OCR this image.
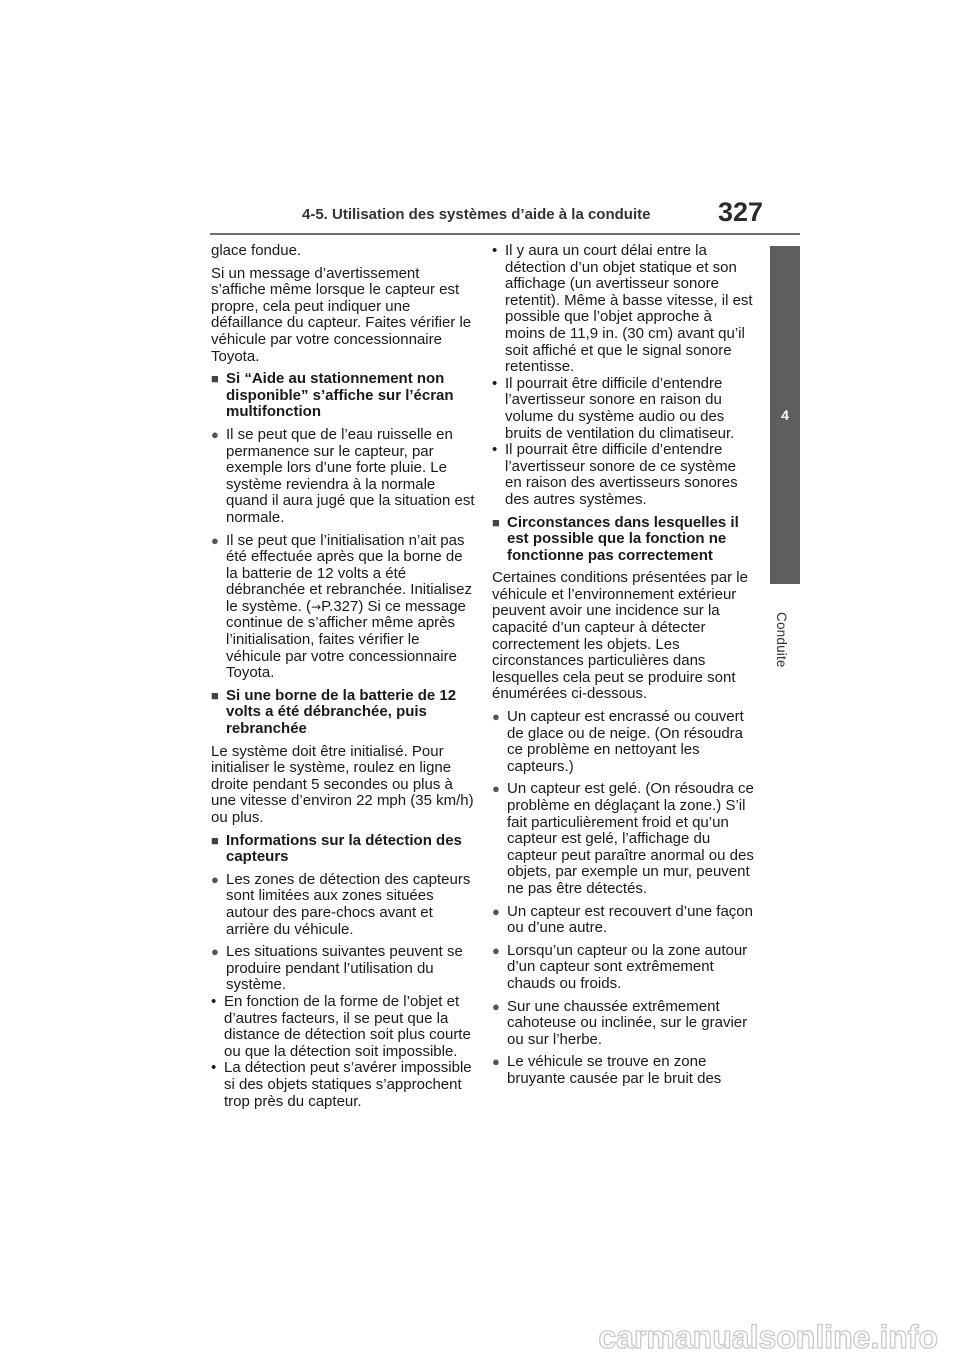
4-5. Utilisation des systèmes d’aide à la conduite	327
4
Conduite

glace fondue.

Si un message d’avertissement s’affiche même lorsque le capteur est propre, cela peut indiquer une défaillance du capteur. Faites vérifier le véhicule par votre concessionnaire Toyota.

■ Si “Aide au stationnement non disponible” s’affiche sur l’écran multifonction
● Il se peut que de l’eau ruisselle en permanence sur le capteur, par exemple lors d’une forte pluie. Le système reviendra à la normale quand il aura jugé que la situation est normale.
● Il se peut que l’initialisation n’ait pas été effectuée après que la borne de la batterie de 12 volts a été débranchée et rebranchée. Initialisez le système. (→P.327) Si ce message continue de s’afficher même après l’initialisation, faites vérifier le véhicule par votre concessionnaire Toyota.
■ Si une borne de la batterie de 12 volts a été débranchée, puis rebranchée

Le système doit être initialisé. Pour initialiser le système, roulez en ligne droite pendant 5 secondes ou plus à une vitesse d’environ 22 mph (35 km/h) ou plus.

■ Informations sur la détection des capteurs
● Les zones de détection des capteurs sont limitées aux zones situées autour des pare-chocs avant et arrière du véhicule.
● Les situations suivantes peuvent se produire pendant l’utilisation du système.
• En fonction de la forme de l’objet et d’autres facteurs, il se peut que la distance de détection soit plus courte ou que la détection soit impossible.
• La détection peut s’avérer impossible si des objets statiques s’approchent trop près du capteur.
• Il y aura un court délai entre la détection d’un objet statique et son affichage (un avertisseur sonore retentit). Même à basse vitesse, il est possible que l’objet approche à moins de 11,9 in. (30 cm) avant qu’il soit affiché et que le signal sonore retentisse.
• Il pourrait être difficile d’entendre l’avertisseur sonore en raison du volume du système audio ou des bruits de ventilation du climatiseur.
• Il pourrait être difficile d’entendre l’avertisseur sonore de ce système en raison des avertisseurs sonores des autres systèmes.
■ Circonstances dans lesquelles il est possible que la fonction ne fonctionne pas correctement

Certaines conditions présentées par le véhicule et l’environnement extérieur peuvent avoir une incidence sur la capacité d’un capteur à détecter correctement les objets. Les circonstances particulières dans lesquelles cela peut se produire sont énumérées ci-dessous.

● Un capteur est encrassé ou couvert de glace ou de neige. (On résoudra ce problème en nettoyant les capteurs.)
● Un capteur est gelé. (On résoudra ce problème en déglaçant la zone.) S’il fait particulièrement froid et qu’un capteur est gelé, l’affichage du capteur peut paraître anormal ou des objets, par exemple un mur, peuvent ne pas être détectés.
● Un capteur est recouvert d’une façon ou d’une autre.
● Lorsqu’un capteur ou la zone autour d’un capteur sont extrêmement chauds ou froids.
● Sur une chaussée extrêmement cahoteuse ou inclinée, sur le gravier ou sur l’herbe.
● Le véhicule se trouve en zone bruyante causée par le bruit des
carmanualsonline.info
